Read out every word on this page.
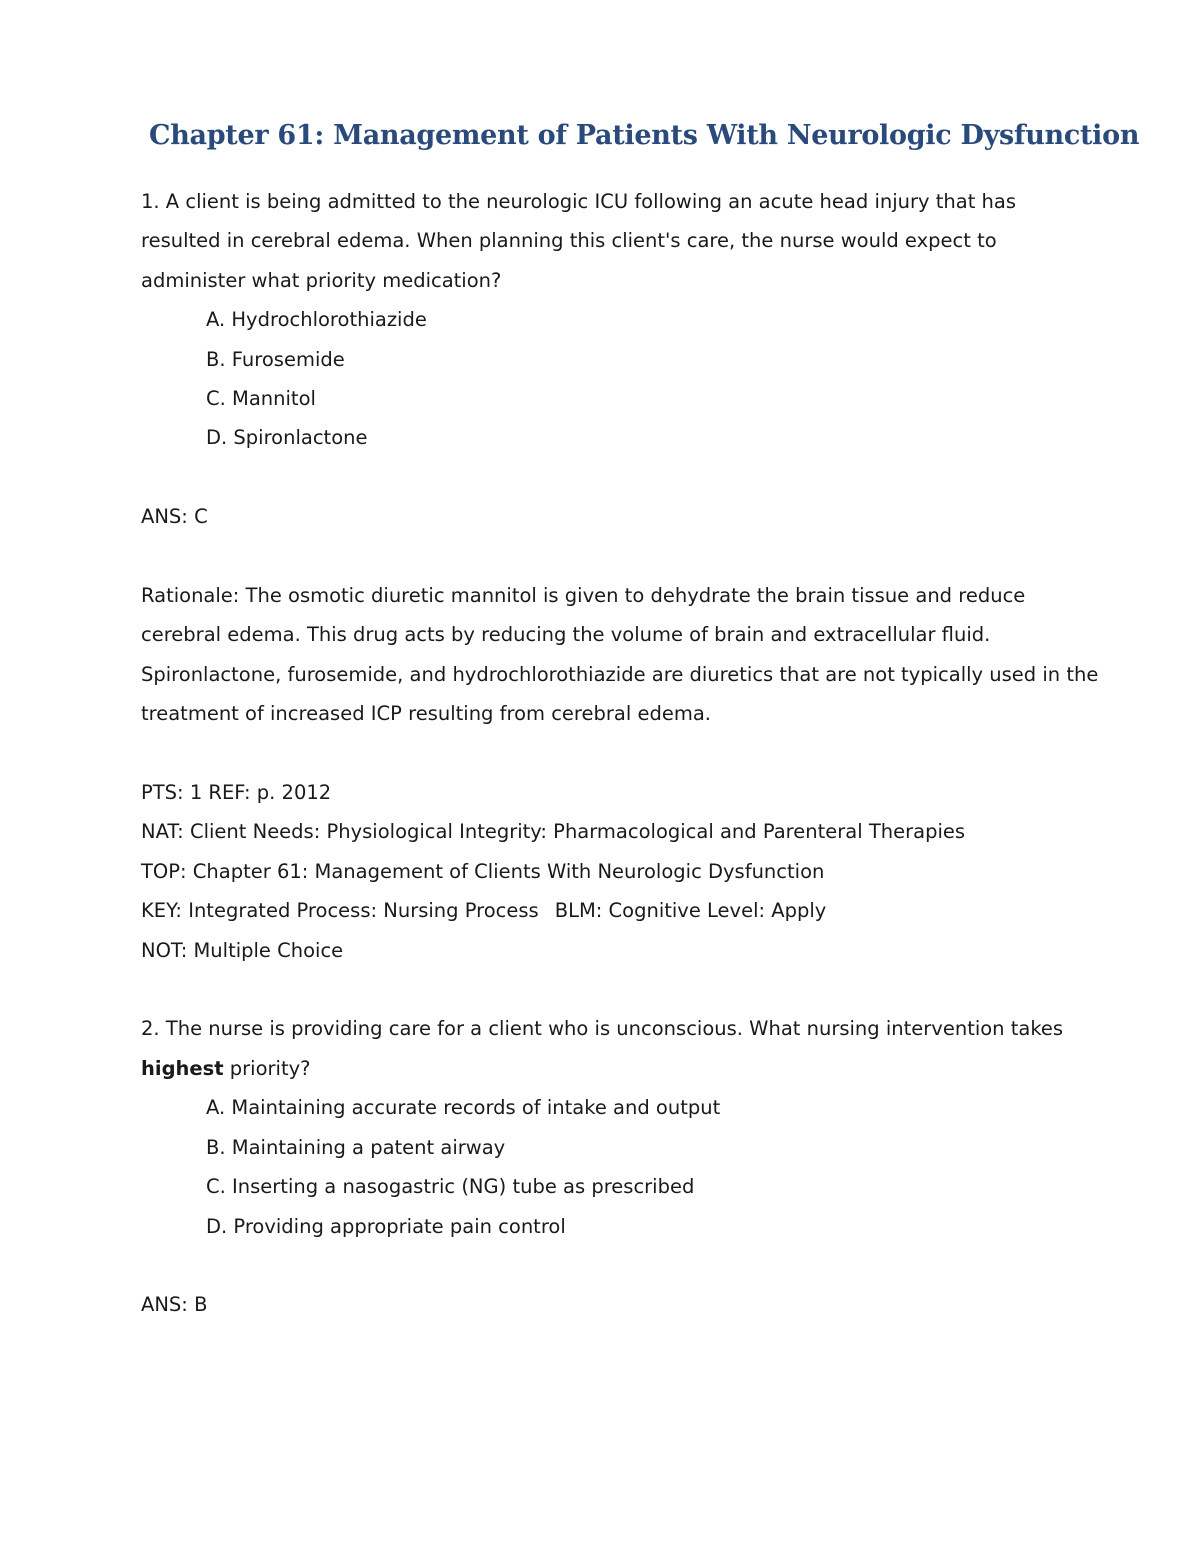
Chapter 61: Management of Patients With Neurologic Dysfunction

1. A client is being admitted to the neurologic ICU following an acute head injury that has resulted in cerebral edema. When planning this client's care, the nurse would expect to administer what priority medication?

A. Hydrochlorothiazide
B. Furosemide
C. Mannitol
D. Spironlactone

ANS: C

Rationale: The osmotic diuretic mannitol is given to dehydrate the brain tissue and reduce cerebral edema. This drug acts by reducing the volume of brain and extracellular fluid. Spironlactone, furosemide, and hydrochlorothiazide are diuretics that are not typically used in the treatment of increased ICP resulting from cerebral edema.

PTS: 1 REF: p. 2012
NAT: Client Needs: Physiological Integrity: Pharmacological and Parenteral Therapies
TOP: Chapter 61: Management of Clients With Neurologic Dysfunction
KEY: Integrated Process: Nursing Process BLM: Cognitive Level: Apply
NOT: Multiple Choice

2. The nurse is providing care for a client who is unconscious. What nursing intervention takes highest priority?

A. Maintaining accurate records of intake and output
B. Maintaining a patent airway
C. Inserting a nasogastric (NG) tube as prescribed
D. Providing appropriate pain control

ANS: B
